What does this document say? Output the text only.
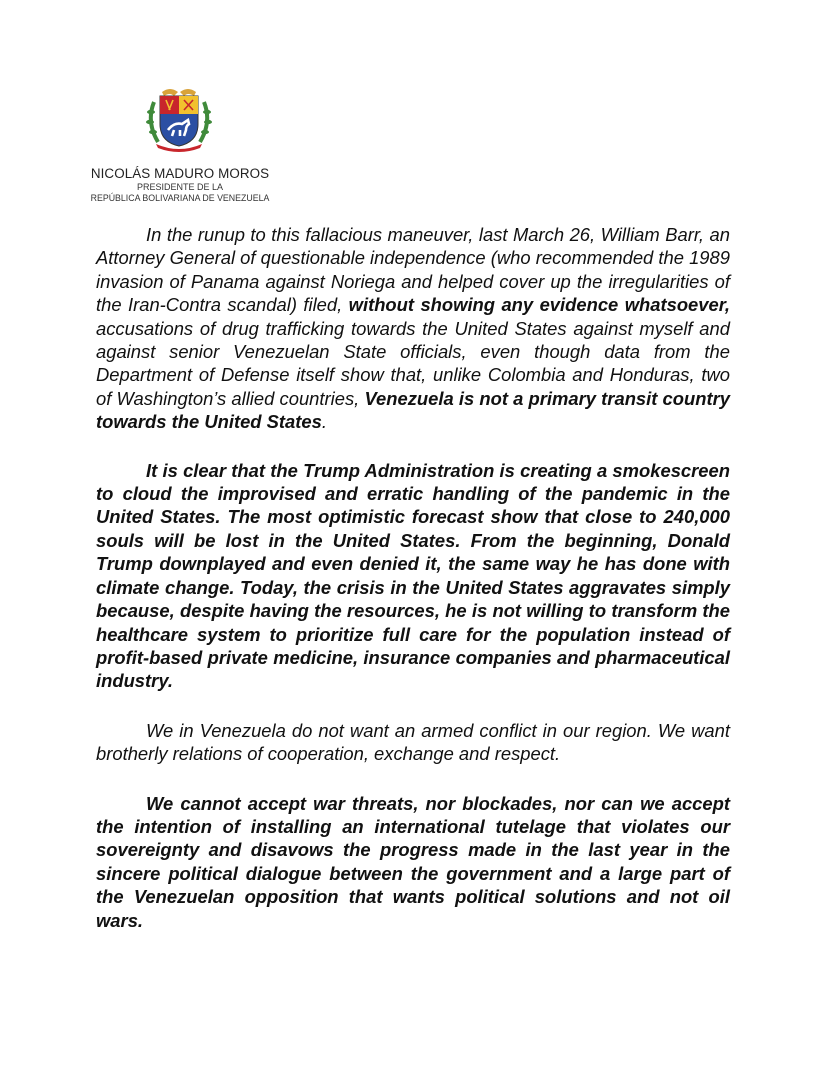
NICOLÁS MADURO MOROS
PRESIDENTE DE LA
REPÚBLICA BOLIVARIANA DE VENEZUELA

In the runup to this fallacious maneuver, last March 26, William Barr, an Attorney General of questionable independence (who recommended the 1989 invasion of Panama against Noriega and helped cover up the irregularities of the Iran-Contra scandal) filed, without showing any evidence whatsoever, accusations of drug trafficking towards the United States against myself and against senior Venezuelan State officials, even though data from the Department of Defense itself show that, unlike Colombia and Honduras, two of Washington’s allied countries, Venezuela is not a primary transit country towards the United States.

It is clear that the Trump Administration is creating a smokescreen to cloud the improvised and erratic handling of the pandemic in the United States. The most optimistic forecast show that close to 240,000 souls will be lost in the United States. From the beginning, Donald Trump downplayed and even denied it, the same way he has done with climate change. Today, the crisis in the United States aggravates simply because, despite having the resources, he is not willing to transform the healthcare system to prioritize full care for the population instead of profit-based private medicine, insurance companies and pharmaceutical industry.

We in Venezuela do not want an armed conflict in our region. We want brotherly relations of cooperation, exchange and respect.

We cannot accept war threats, nor blockades, nor can we accept the intention of installing an international tutelage that violates our sovereignty and disavows the progress made in the last year in the sincere political dialogue between the government and a large part of the Venezuelan opposition that wants political solutions and not oil wars.
